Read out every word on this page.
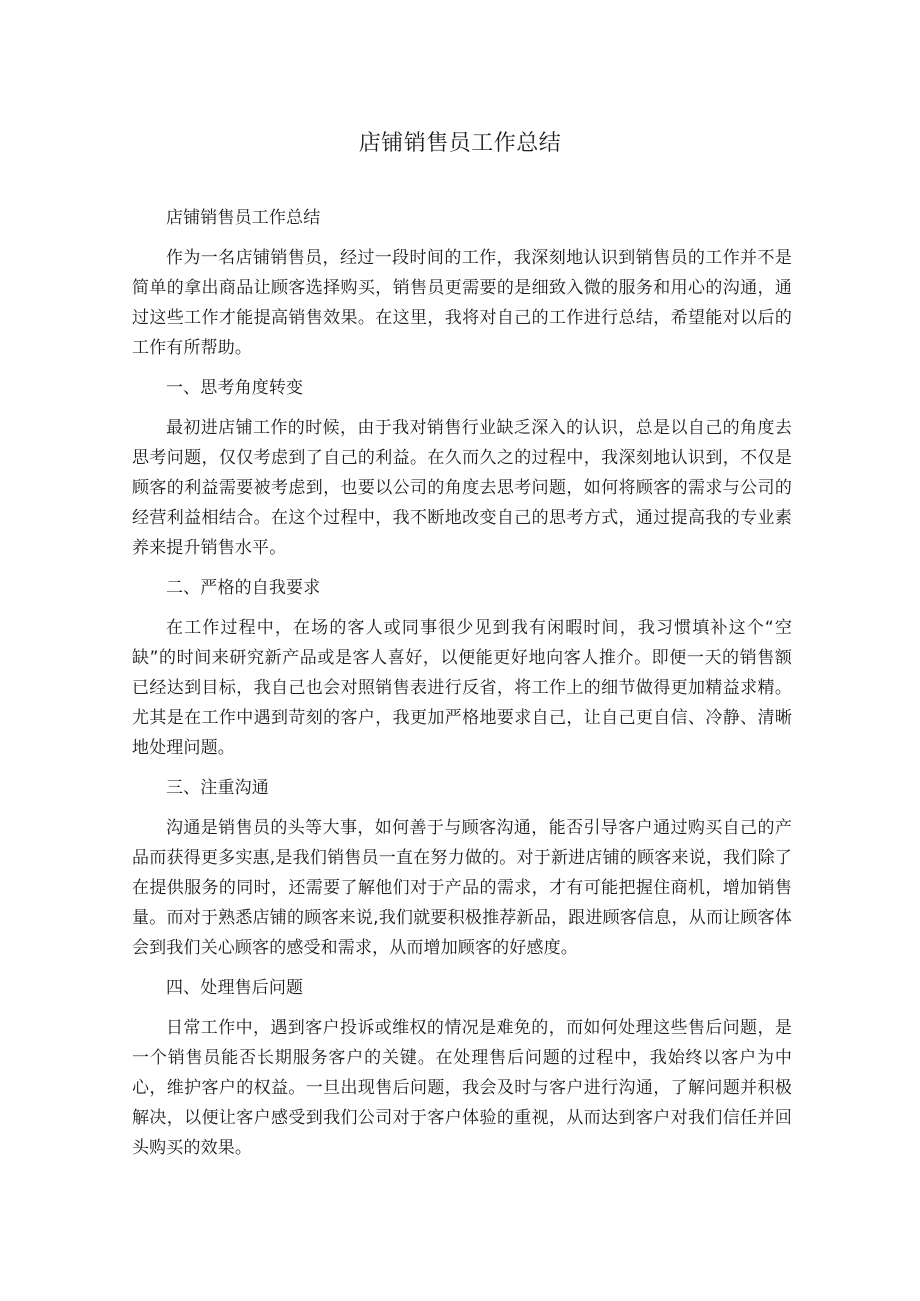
店铺销售员工作总结

店铺销售员工作总结

作为一名店铺销售员，经过一段时间的工作，我深刻地认识到销售员的工作并不是简单的拿出商品让顾客选择购买，销售员更需要的是细致入微的服务和用心的沟通，通过这些工作才能提高销售效果。在这里，我将对自己的工作进行总结，希望能对以后的工作有所帮助。

一、思考角度转变

最初进店铺工作的时候，由于我对销售行业缺乏深入的认识，总是以自己的角度去思考问题，仅仅考虑到了自己的利益。在久而久之的过程中，我深刻地认识到，不仅是顾客的利益需要被考虑到，也要以公司的角度去思考问题，如何将顾客的需求与公司的经营利益相结合。在这个过程中，我不断地改变自己的思考方式，通过提高我的专业素养来提升销售水平。

二、严格的自我要求

在工作过程中，在场的客人或同事很少见到我有闲暇时间，我习惯填补这个“空缺”的时间来研究新产品或是客人喜好，以便能更好地向客人推介。即便一天的销售额已经达到目标，我自己也会对照销售表进行反省，将工作上的细节做得更加精益求精。尤其是在工作中遇到苛刻的客户，我更加严格地要求自己，让自己更自信、冷静、清晰地处理问题。

三、注重沟通

沟通是销售员的头等大事，如何善于与顾客沟通，能否引导客户通过购买自己的产品而获得更多实惠,是我们销售员一直在努力做的。对于新进店铺的顾客来说，我们除了在提供服务的同时，还需要了解他们对于产品的需求，才有可能把握住商机，增加销售量。而对于熟悉店铺的顾客来说,我们就要积极推荐新品，跟进顾客信息，从而让顾客体会到我们关心顾客的感受和需求，从而增加顾客的好感度。

四、处理售后问题

日常工作中，遇到客户投诉或维权的情况是难免的，而如何处理这些售后问题，是一个销售员能否长期服务客户的关键。在处理售后问题的过程中，我始终以客户为中心，维护客户的权益。一旦出现售后问题，我会及时与客户进行沟通，了解问题并积极解决，以便让客户感受到我们公司对于客户体验的重视，从而达到客户对我们信任并回头购买的效果。
